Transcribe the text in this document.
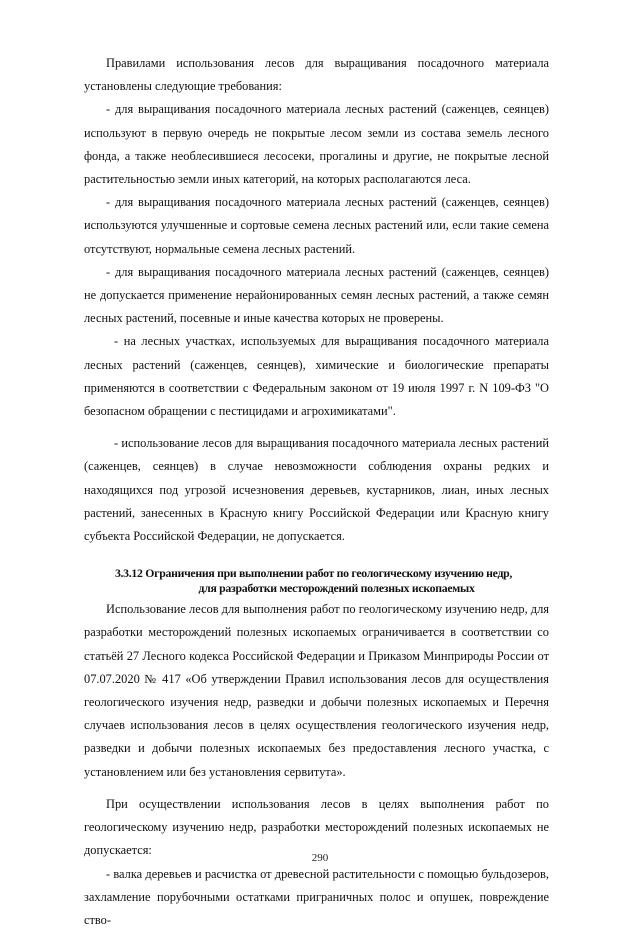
Правилами использования лесов для выращивания посадочного материала установлены следующие требования:

- для выращивания посадочного материала лесных растений (саженцев, сеянцев) используют в первую очередь не покрытые лесом земли из состава земель лесного фонда, а также необлесившиеся лесосеки, прогалины и другие, не покрытые лесной растительностью земли иных категорий, на которых располагаются леса.

- для выращивания посадочного материала лесных растений (саженцев, сеянцев) используются улучшенные и сортовые семена лесных растений или, если такие семена отсутствуют, нормальные семена лесных растений.

- для выращивания посадочного материала лесных растений (саженцев, сеянцев) не допускается применение нерайонированных семян лесных растений, а также семян лесных растений, посевные и иные качества которых не проверены.

- на лесных участках, используемых для выращивания посадочного материала лесных растений (саженцев, сеянцев), химические и биологические препараты применяются в соответствии с Федеральным законом от 19 июля 1997 г. N 109-ФЗ "О безопасном обращении с пестицидами и агрохимикатами".

- использование лесов для выращивания посадочного материала лесных растений (саженцев, сеянцев) в случае невозможности соблюдения охраны редких и находящихся под угрозой исчезновения деревьев, кустарников, лиан, иных лесных растений, занесенных в Красную книгу Российской Федерации или Красную книгу субъекта Российской Федерации, не допускается.

3.3.12 Ограничения при выполнении работ по геологическому изучению недр,
для разработки месторождений полезных ископаемых

Использование лесов для выполнения работ по геологическому изучению недр, для разработки месторождений полезных ископаемых ограничивается в соответствии со статьёй 27 Лесного кодекса Российской Федерации и Приказом Минприроды России от 07.07.2020 № 417 «Об утверждении Правил использования лесов для осуществления геологического изучения недр, разведки и добычи полезных ископаемых и Перечня случаев использования лесов в целях осуществления геологического изучения недр, разведки и добычи полезных ископаемых без предоставления лесного участка, с установлением или без установления сервитута».

При осуществлении использования лесов в целях выполнения работ по геологическому изучению недр, разработки месторождений полезных ископаемых не допускается:

- валка деревьев и расчистка от древесной растительности с помощью бульдозеров, захламление порубочными остатками приграничных полос и опушек, повреждение ство-

290
